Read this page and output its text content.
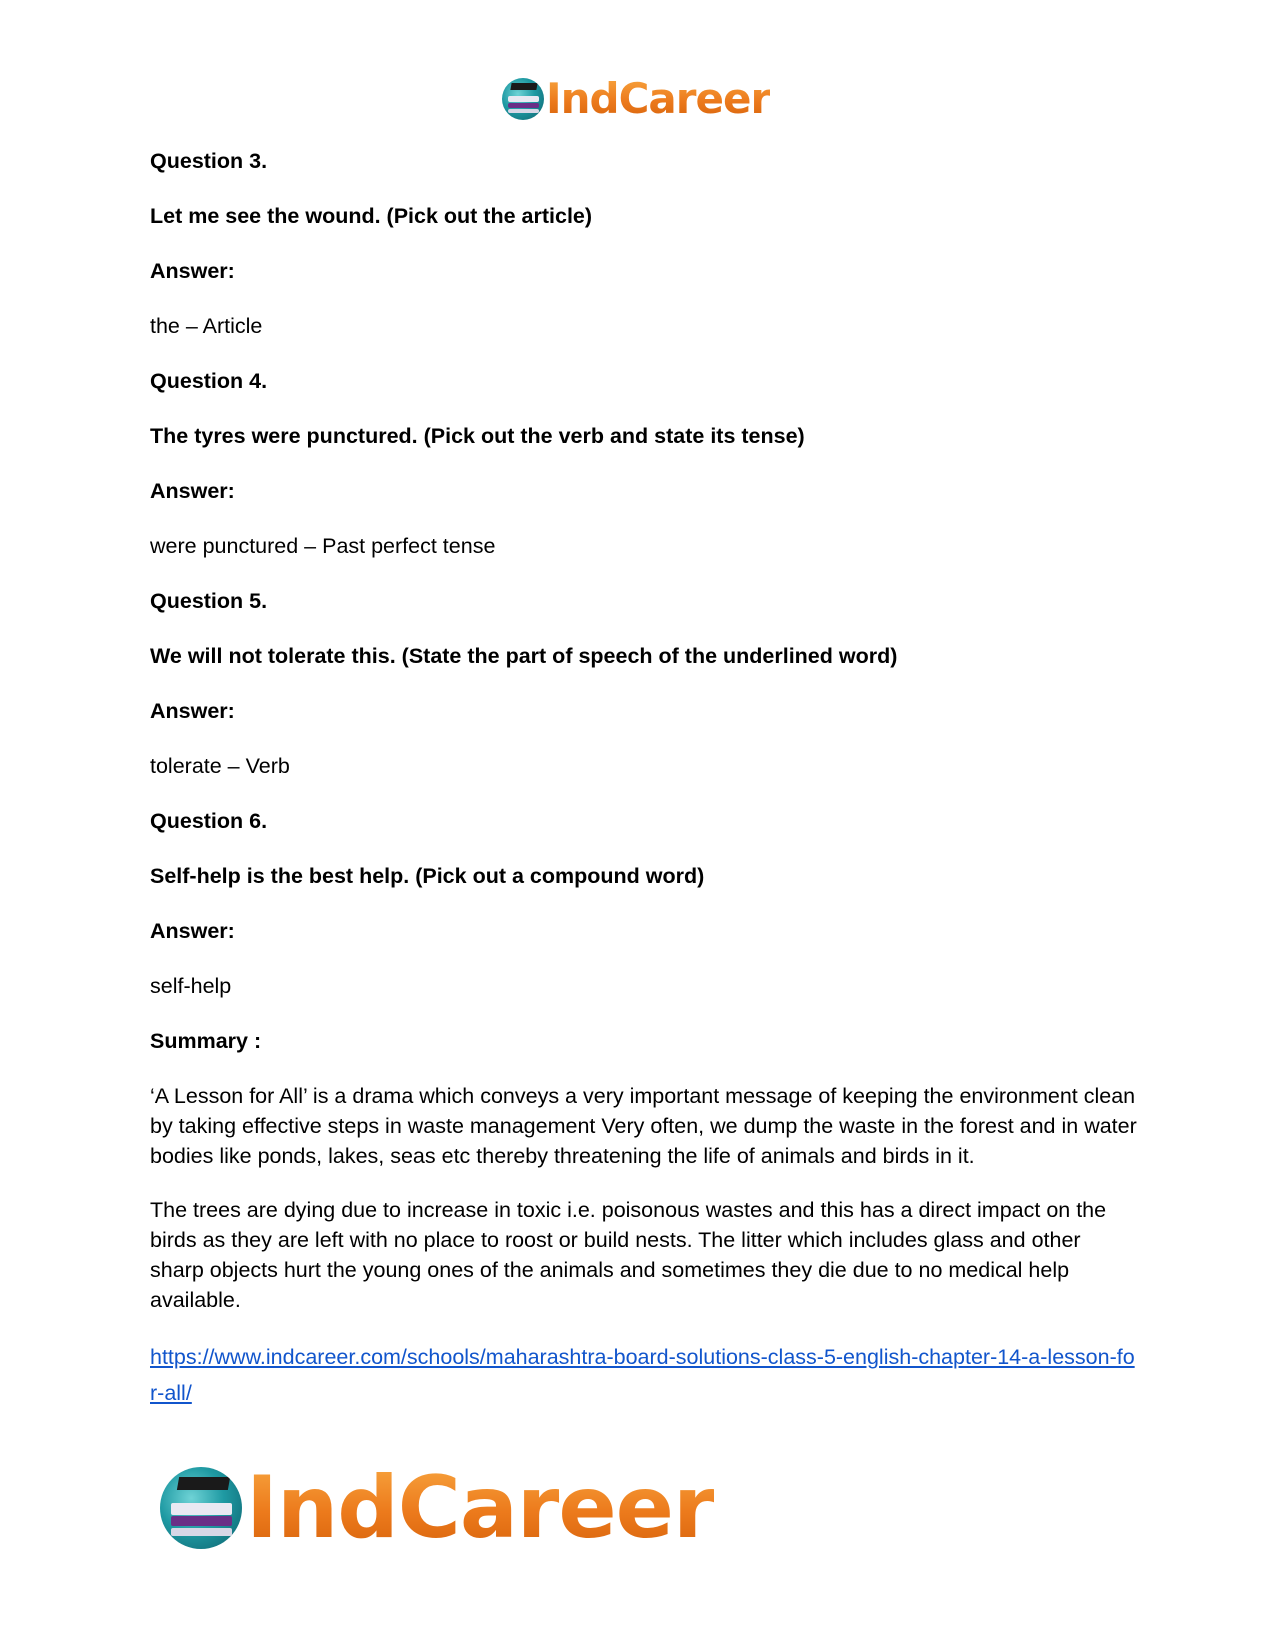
IndCareer

Question 3.

Let me see the wound. (Pick out the article)

Answer:

the – Article

Question 4.

The tyres were punctured. (Pick out the verb and state its tense)

Answer:

were punctured – Past perfect tense

Question 5.

We will not tolerate this. (State the part of speech of the underlined word)

Answer:

tolerate – Verb

Question 6.

Self-help is the best help. (Pick out a compound word)

Answer:

self-help

Summary :

‘A Lesson for All’ is a drama which conveys a very important message of keeping the environment clean by taking effective steps in waste management Very often, we dump the waste in the forest and in water bodies like ponds, lakes, seas etc thereby threatening the life of animals and birds in it.

The trees are dying due to increase in toxic i.e. poisonous wastes and this has a direct impact on the birds as they are left with no place to roost or build nests. The litter which includes glass and other sharp objects hurt the young ones of the animals and sometimes they die due to no medical help available.

https://www.indcareer.com/schools/maharashtra-board-solutions-class-5-english-chapter-14-a-lesson-for-all/
IndCareer
